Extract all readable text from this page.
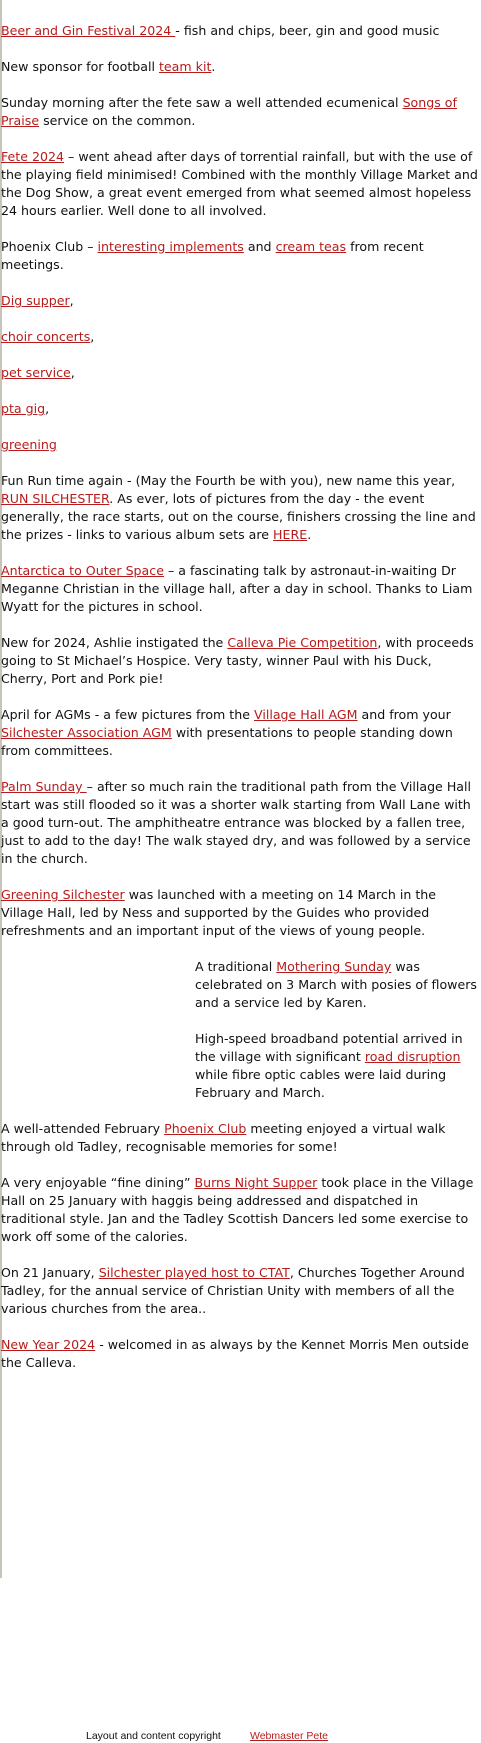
Beer and Gin Festival 2024 - fish and chips, beer, gin and good music

New sponsor for football team kit.

Sunday morning after the fete saw a well attended ecumenical Songs of Praise service on the common.

Fete 2024 – went ahead after days of torrential rainfall, but with the use of the playing field minimised! Combined with the monthly Village Market and the Dog Show, a great event emerged from what seemed almost hopeless 24 hours earlier. Well done to all involved.

Phoenix Club – interesting implements and cream teas from recent meetings.

Dig supper,

choir concerts,

pet service,

pta gig,

greening

Fun Run time again - (May the Fourth be with you), new name this year, RUN SILCHESTER. As ever, lots of pictures from the day - the event generally, the race starts, out on the course, finishers crossing the line and the prizes - links to various album sets are HERE.

Antarctica to Outer Space – a fascinating talk by astronaut-in-waiting Dr Meganne Christian in the village hall, after a day in school. Thanks to Liam Wyatt for the pictures in school.

New for 2024, Ashlie instigated the Calleva Pie Competition, with proceeds going to St Michael’s Hospice. Very tasty, winner Paul with his Duck, Cherry, Port and Pork pie!

April for AGMs - a few pictures from the Village Hall AGM and from your Silchester Association AGM with presentations to people standing down from committees.

Palm Sunday – after so much rain the traditional path from the Village Hall start was still flooded so it was a shorter walk starting from Wall Lane with a good turn-out. The amphitheatre entrance was blocked by a fallen tree, just to add to the day! The walk stayed dry, and was followed by a service in the church.

Greening Silchester was launched with a meeting on 14 March in the Village Hall, led by Ness and supported by the Guides who provided refreshments and an important input of the views of young people.

A traditional Mothering Sunday was celebrated on 3 March with posies of flowers and a service led by Karen.

High-speed broadband potential arrived in the village with significant road disruption while fibre optic cables were laid during February and March.

A well-attended February Phoenix Club meeting enjoyed a virtual walk through old Tadley, recognisable memories for some!

A very enjoyable “fine dining” Burns Night Supper took place in the Village Hall on 25 January with haggis being addressed and dispatched in traditional style. Jan and the Tadley Scottish Dancers led some exercise to work off some of the calories.

On 21 January, Silchester played host to CTAT, Churches Together Around Tadley, for the annual service of Christian Unity with members of all the various churches from the area..

New Year 2024 - welcomed in as always by the Kennet Morris Men outside the Calleva.

Layout and content copyright	Webmaster Pete
